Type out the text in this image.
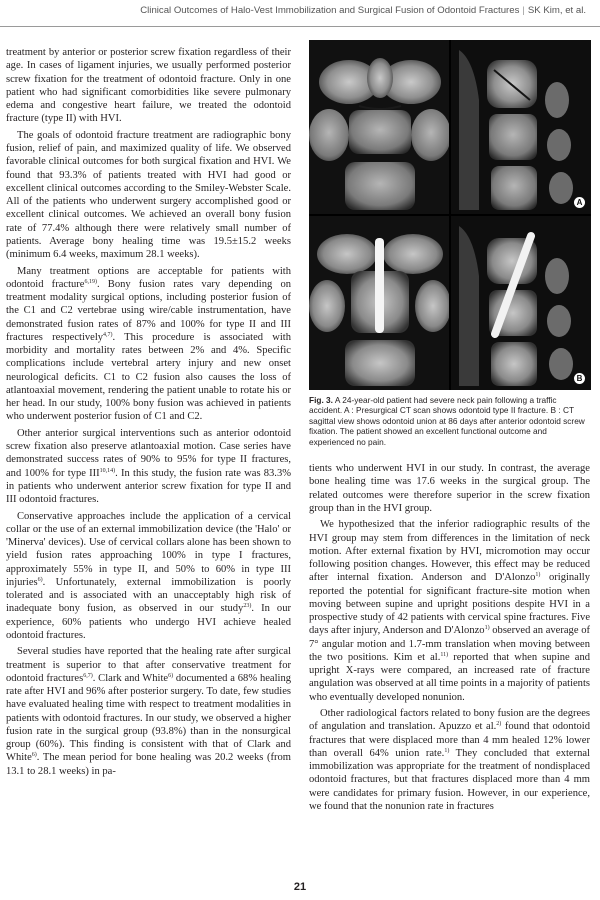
Clinical Outcomes of Halo-Vest Immobilization and Surgical Fusion of Odontoid Fractures | SK Kim, et al.

treatment by anterior or posterior screw fixation regardless of their age. In cases of ligament injuries, we usually performed posterior screw fixation for the treatment of odontoid fracture. Only in one patient who had significant comorbidities like severe pulmonary edema and congestive heart failure, we treated the odontoid fracture (type II) with HVI.

The goals of odontoid fracture treatment are radiographic bony fusion, relief of pain, and maximized quality of life. We observed favorable clinical outcomes for both surgical fixation and HVI. We found that 93.3% of patients treated with HVI had good or excellent clinical outcomes according to the Smiley-Webster Scale. All of the patients who underwent surgery accomplished good or excellent clinical outcomes. We achieved an overall bony fusion rate of 77.4% although there were relatively small number of patients. Average bony healing time was 19.5±15.2 weeks (minimum 6.4 weeks, maximum 28.1 weeks).

Many treatment options are acceptable for patients with odontoid fracture$^{6,19)}$. Bony fusion rates vary depending on treatment modality surgical options, including posterior fusion of the C1 and C2 vertebrae using wire/cable instrumentation, have demonstrated fusion rates of 87% and 100% for type II and III fractures respectively$^{4,7)}$. This procedure is associated with morbidity and mortality rates between 2% and 4%. Specific complications include vertebral artery injury and new onset neurological deficits. C1 to C2 fusion also causes the loss of atlantoaxial movement, rendering the patient unable to rotate his or her head. In our study, 100% bony fusion was achieved in patients who underwent posterior fusion of C1 and C2.

Other anterior surgical interventions such as anterior odontoid screw fixation also preserve atlantoaxial motion. Case series have demonstrated success rates of 90% to 95% for type II fractures, and 100% for type III$^{10,14)}$. In this study, the fusion rate was 83.3% in patients who underwent anterior screw fixation for type II and III odontoid fractures.

Conservative approaches include the application of a cervical collar or the use of an external immobilization device (the 'Halo' or 'Minerva' devices). Use of cervical collars alone has been shown to yield fusion rates approaching 100% in type I fractures, approximately 55% in type II, and 50% to 60% in type III injuries$^{6)}$. Unfortunately, external immobilization is poorly tolerated and is associated with an unacceptably high risk of inadequate bony fusion, as observed in our study$^{23)}$. In our experience, 60% patients who undergo HVI achieve healed odontoid fractures.

Several studies have reported that the healing rate after surgical treatment is superior to that after conservative treatment for odontoid fractures$^{6,7)}$. Clark and White$^{6)}$ documented a 68% healing rate after HVI and 96% after posterior surgery. To date, few studies have evaluated healing time with respect to treatment modalities in patients with odontoid fractures. In our study, we observed a higher fusion rate in the surgical group (93.8%) than in the nonsurgical group (60%). This finding is consistent with that of Clark and White$^{6)}$. The mean period for bone healing was 20.2 weeks (from 13.1 to 28.1 weeks) in pa-

A
B
Fig. 3. A 24-year-old patient had severe neck pain following a traffic accident. A : Presurgical CT scan shows odontoid type II fracture. B : CT sagittal view shows odontoid union at 86 days after anterior odontoid screw fixation. The patient showed an excellent functional outcome and experienced no pain.

tients who underwent HVI in our study. In contrast, the average bone healing time was 17.6 weeks in the surgical group. The related outcomes were therefore superior in the screw fixation group than in the HVI group.

We hypothesized that the inferior radiographic results of the HVI group may stem from differences in the limitation of neck motion. After external fixation by HVI, micromotion may occur following position changes. However, this effect may be reduced after internal fixation. Anderson and D'Alonzo$^{1)}$ originally reported the potential for significant fracture-site motion when moving between supine and upright positions despite HVI in a prospective study of 42 patients with cervical spine fractures. Five days after injury, Anderson and D'Alonzo$^{1)}$ observed an average of 7° angular motion and 1.7-mm translation when moving between the two positions. Kim et al.$^{11)}$ reported that when supine and upright X-rays were compared, an increased rate of fracture angulation was observed at all time points in a majority of patients who eventually developed nonunion.

Other radiological factors related to bony fusion are the degrees of angulation and translation. Apuzzo et al.$^{2)}$ found that odontoid fractures that were displaced more than 4 mm healed 12% lower than overall 64% union rate.$^{1)}$ They concluded that external immobilization was appropriate for the treatment of nondisplaced odontoid fractures, but that fractures displaced more than 4 mm were candidates for primary fusion. However, in our experience, we found that the nonunion rate in fractures

21
